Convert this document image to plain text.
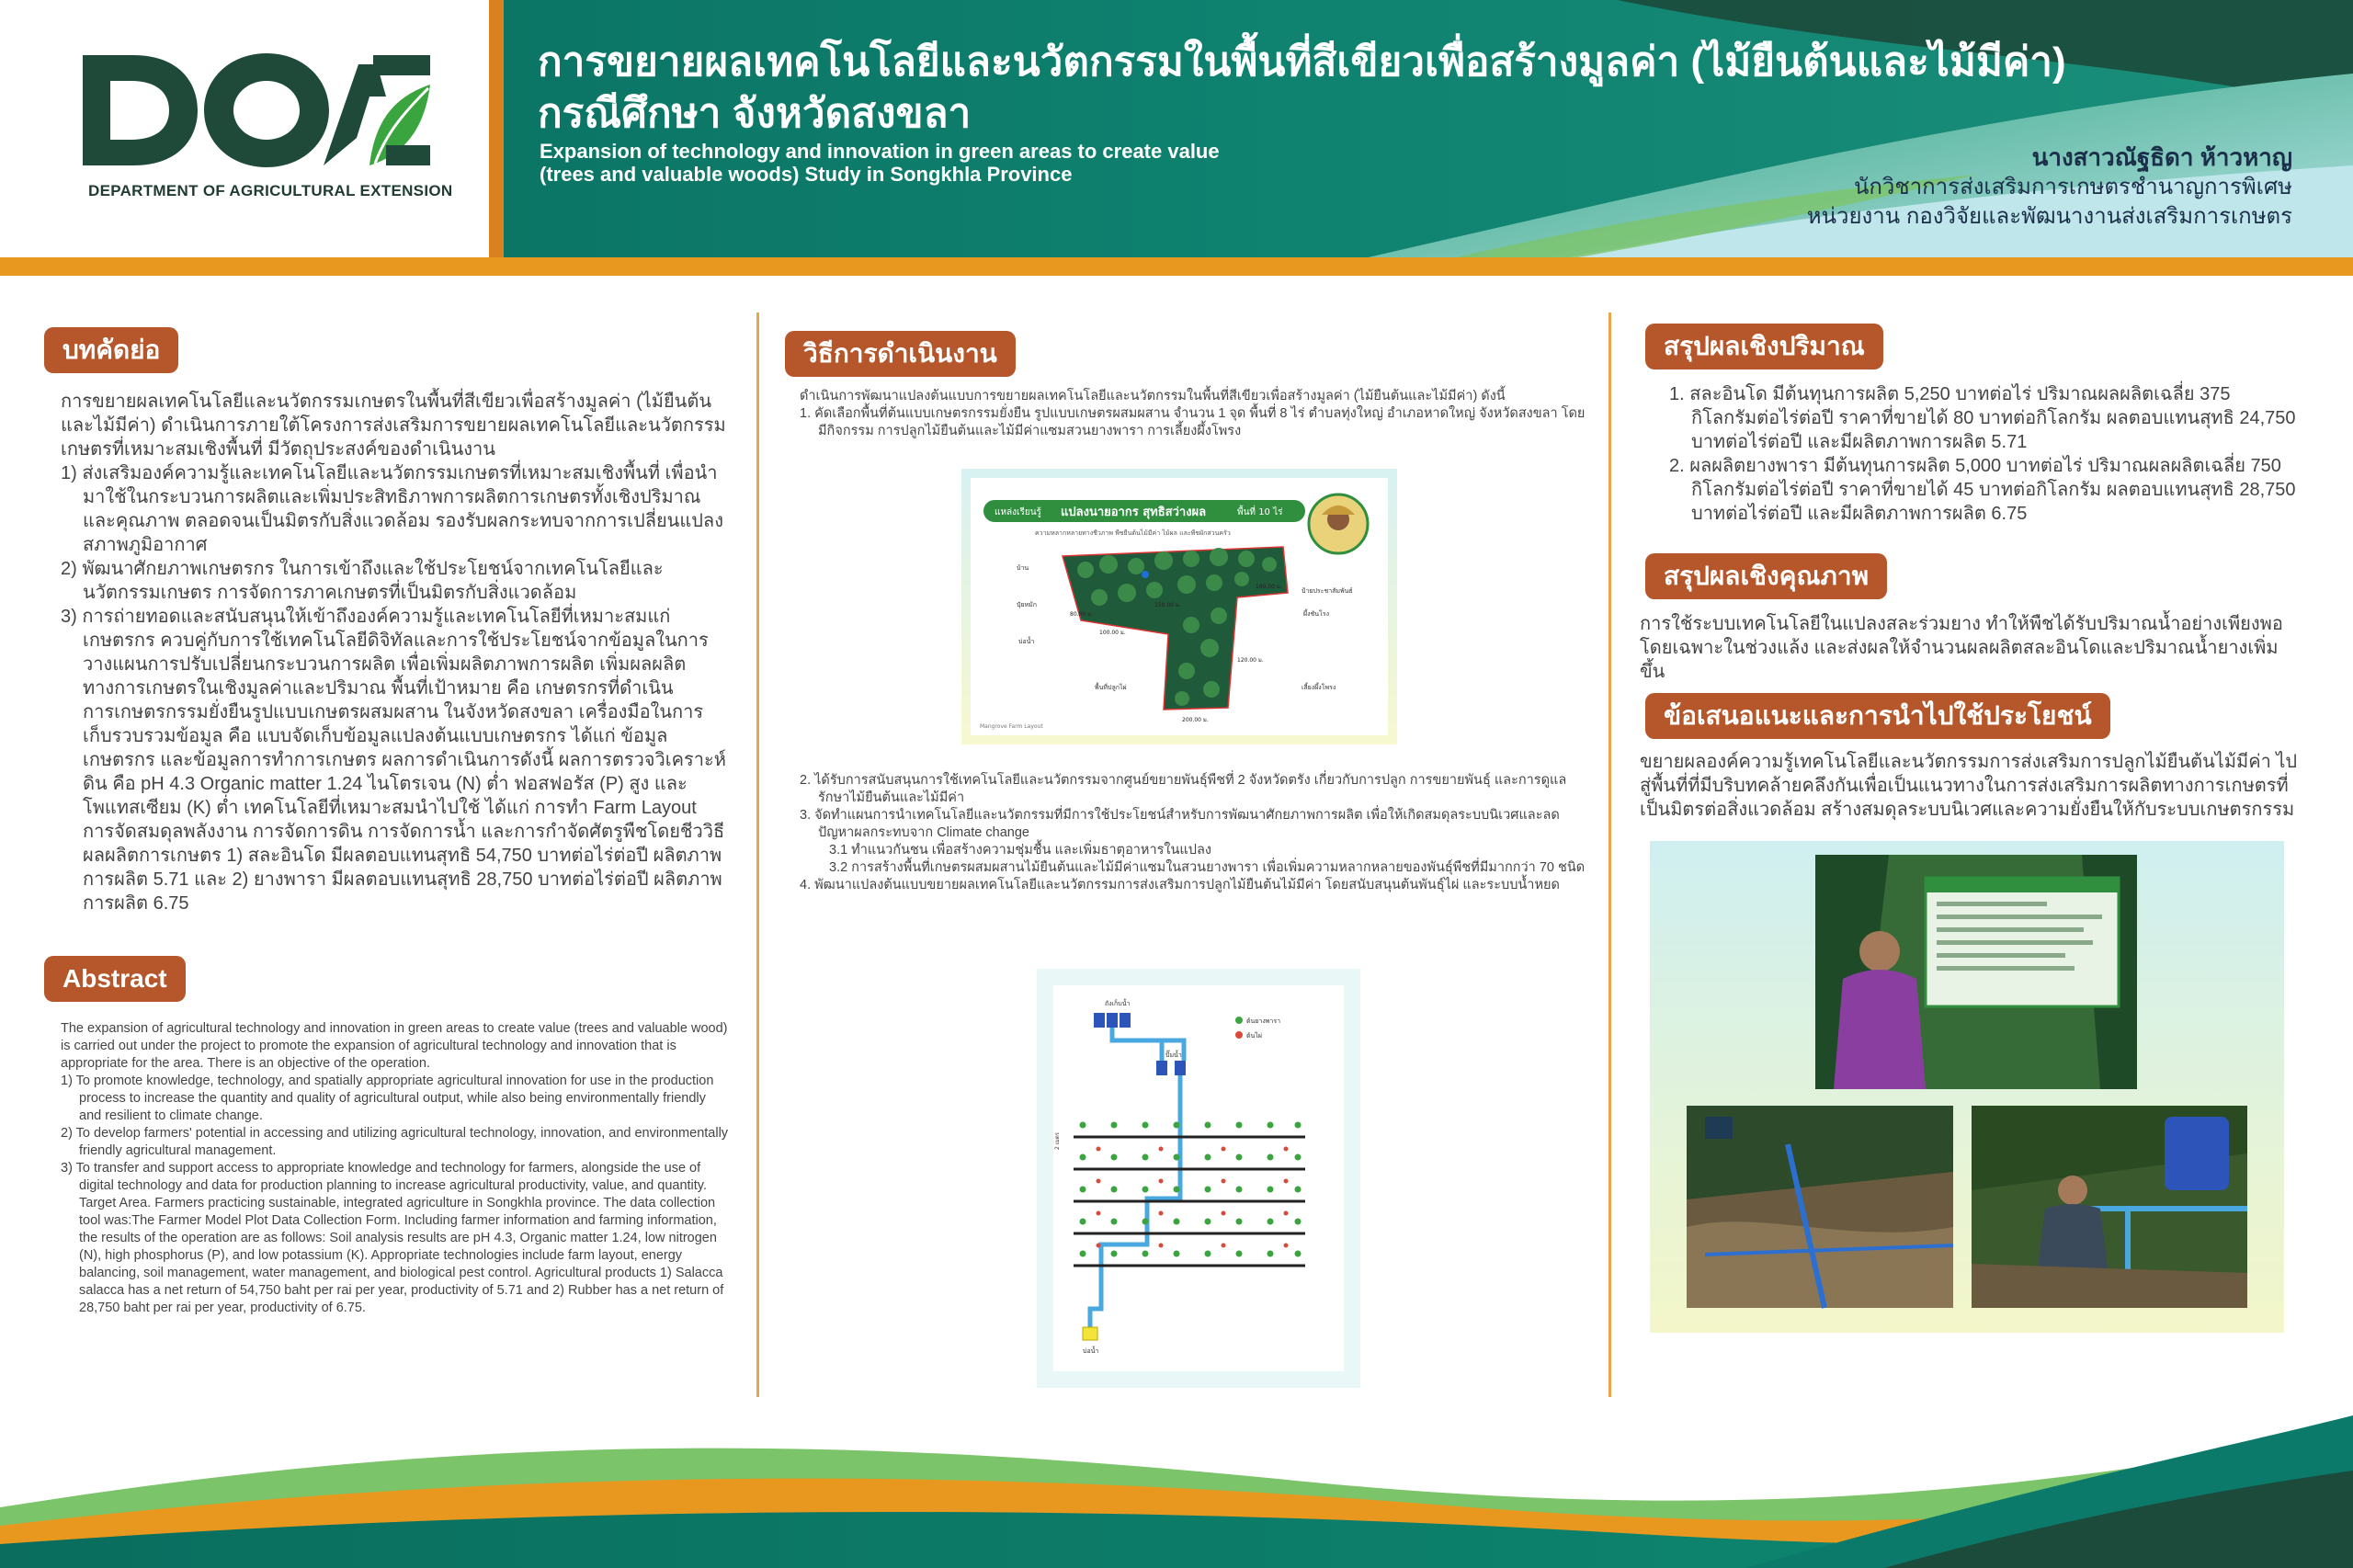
DEPARTMENT OF AGRICULTURAL EXTENSION
การขยายผลเทคโนโลยีและนวัตกรรมในพื้นที่สีเขียวเพื่อสร้างมูลค่า (ไม้ยืนต้นและไม้มีค่า)
กรณีศึกษา จังหวัดสงขลา
Expansion of technology and innovation in green areas to create value
(trees and valuable woods) Study in Songkhla Province
นางสาวณัฐธิดา ห้าวหาญ
นักวิชาการส่งเสริมการเกษตรชำนาญการพิเศษ
หน่วยงาน กองวิจัยและพัฒนางานส่งเสริมการเกษตร
บทคัดย่อ
การขยายผลเทคโนโลยีและนวัตกรรมเกษตรในพื้นที่สีเขียวเพื่อสร้างมูลค่า (ไม้ยืนต้นและไม้มีค่า) ดำเนินการภายใต้โครงการส่งเสริมการขยายผลเทคโนโลยีและนวัตกรรมเกษตรที่เหมาะสมเชิงพื้นที่ มีวัตถุประสงค์ของดำเนินงาน
1) ส่งเสริมองค์ความรู้และเทคโนโลยีและนวัตกรรมเกษตรที่เหมาะสมเชิงพื้นที่ เพื่อนำมาใช้ในกระบวนการผลิตและเพิ่มประสิทธิภาพการผลิตการเกษตรทั้งเชิงปริมาณและคุณภาพ ตลอดจนเป็นมิตรกับสิ่งแวดล้อม รองรับผลกระทบจากการเปลี่ยนแปลงสภาพภูมิอากาศ
2) พัฒนาศักยภาพเกษตรกร ในการเข้าถึงและใช้ประโยชน์จากเทคโนโลยีและนวัตกรรมเกษตร การจัดการภาคเกษตรที่เป็นมิตรกับสิ่งแวดล้อม
3) การถ่ายทอดและสนับสนุนให้เข้าถึงองค์ความรู้และเทคโนโลยีที่เหมาะสมแก่เกษตรกร ควบคู่กับการใช้เทคโนโลยีดิจิทัลและการใช้ประโยชน์จากข้อมูลในการวางแผนการปรับเปลี่ยนกระบวนการผลิต เพื่อเพิ่มผลิตภาพการผลิต เพิ่มผลผลิตทางการเกษตรในเชิงมูลค่าและปริมาณ พื้นที่เป้าหมาย คือ เกษตรกรที่ดำเนินการเกษตรกรรมยั่งยืนรูปแบบเกษตรผสมผสาน ในจังหวัดสงขลา เครื่องมือในการเก็บรวบรวมข้อมูล คือ แบบจัดเก็บข้อมูลแปลงต้นแบบเกษตรกร ได้แก่ ข้อมูลเกษตรกร และข้อมูลการทำการเกษตร ผลการดำเนินการดังนี้ ผลการตรวจวิเคราะห์ดิน คือ pH 4.3 Organic matter 1.24 ไนโตรเจน (N) ต่ำ ฟอสฟอรัส (P) สูง และโพแทสเซียม (K) ต่ำ เทคโนโลยีที่เหมาะสมนำไปใช้ ได้แก่ การทำ Farm Layout การจัดสมดุลพลังงาน การจัดการดิน การจัดการน้ำ และการกำจัดศัตรูพืชโดยชีววิธี ผลผลิตการเกษตร 1) สละอินโด มีผลตอบแทนสุทธิ 54,750 บาทต่อไร่ต่อปี ผลิตภาพการผลิต 5.71 และ 2) ยางพารา มีผลตอบแทนสุทธิ 28,750 บาทต่อไร่ต่อปี ผลิตภาพการผลิต 6.75
Abstract
The expansion of agricultural technology and innovation in green areas to create value (trees and valuable wood) is carried out under the project to promote the expansion of agricultural technology and innovation that is appropriate for the area. There is an objective of the operation.
1) To promote knowledge, technology, and spatially appropriate agricultural innovation for use in the production process to increase the quantity and quality of agricultural output, while also being environmentally friendly and resilient to climate change.
2) To develop farmers' potential in accessing and utilizing agricultural technology, innovation, and environmentally friendly agricultural management.
3) To transfer and support access to appropriate knowledge and technology for farmers, alongside the use of digital technology and data for production planning to increase agricultural productivity, value, and quantity. Target Area. Farmers practicing sustainable, integrated agriculture in Songkhla province. The data collection tool was:The Farmer Model Plot Data Collection Form. Including farmer information and farming information, the results of the operation are as follows: Soil analysis results are pH 4.3, Organic matter 1.24, low nitrogen (N), high phosphorus (P), and low potassium (K). Appropriate technologies include farm layout, energy balancing, soil management, water management, and biological pest control. Agricultural products 1) Salacca salacca has a net return of 54,750 baht per rai per year, productivity of 5.71 and 2) Rubber has a net return of 28,750 baht per rai per year, productivity of 6.75.
วิธีการดำเนินงาน
ดำเนินการพัฒนาแปลงต้นแบบการขยายผลเทคโนโลยีและนวัตกรรมในพื้นที่สีเขียวเพื่อสร้างมูลค่า (ไม้ยืนต้นและไม้มีค่า) ดังนี้
1. คัดเลือกพื้นที่ต้นแบบเกษตรกรรมยั่งยืน รูปแบบเกษตรผสมผสาน จำนวน 1 จุด พื้นที่ 8 ไร่ ตำบลทุ่งใหญ่ อำเภอหาดใหญ่ จังหวัดสงขลา โดยมีกิจกรรม การปลูกไม้ยืนต้นและไม้มีค่าแซมสวนยางพารา การเลี้ยงผึ้งโพรง
แหล่งเรียนรู้ แปลงนายอากร สุทธิสว่างผล	พื้นที่ 10 ไร่
ความหลากหลายทางชีวภาพ พืชยืนต้นไม้มีค่า ไม้ผล และพืชผักสวนครัว
บ้าน
ปุ๋ยหมัก
บ่อน้ำ
ป้ายประชาสัมพันธ์
ผึ้งชันโรง
พื้นที่ปลูกไผ่	เลี้ยงผึ้งโพรง
80.00 ม.
150.00 ม.
100.00 ม.
120.00 ม.
200.00 ม.
160.00 ม.
Mangrove Farm Layout
2. ได้รับการสนับสนุนการใช้เทคโนโลยีและนวัตกรรมจากศูนย์ขยายพันธุ์พืชที่ 2 จังหวัดตรัง เกี่ยวกับการปลูก การขยายพันธุ์ และการดูแลรักษาไม้ยืนต้นและไม้มีค่า
3. จัดทำแผนการนำเทคโนโลยีและนวัตกรรมที่มีการใช้ประโยชน์สำหรับการพัฒนาศักยภาพการผลิต เพื่อให้เกิดสมดุลระบบนิเวศและลดปัญหาผลกระทบจาก Climate change
3.1 ทำแนวกันชน เพื่อสร้างความชุ่มชื้น และเพิ่มธาตุอาหารในแปลง
3.2 การสร้างพื้นที่เกษตรผสมผสานไม้ยืนต้นและไม้มีค่าแซมในสวนยางพารา เพื่อเพิ่มความหลากหลายของพันธุ์พืชที่มีมากกว่า 70 ชนิด
4. พัฒนาแปลงต้นแบบขยายผลเทคโนโลยีและนวัตกรรมการส่งเสริมการปลูกไม้ยืนต้นไม้มีค่า โดยสนับสนุนต้นพันธุ์ไผ่ และระบบน้ำหยด
ถังเก็บน้ำ
ปั๊มน้ำ
ต้นยางพารา
ต้นไผ่
2 เมตร
บ่อน้ำ
สรุปผลเชิงปริมาณ
1. สละอินโด มีต้นทุนการผลิต 5,250 บาทต่อไร่ ปริมาณผลผลิตเฉลี่ย 375 กิโลกรัมต่อไร่ต่อปี ราคาที่ขายได้ 80 บาทต่อกิโลกรัม ผลตอบแทนสุทธิ 24,750 บาทต่อไร่ต่อปี และมีผลิตภาพการผลิต 5.71
2. ผลผลิตยางพารา มีต้นทุนการผลิต 5,000 บาทต่อไร่ ปริมาณผลผลิตเฉลี่ย 750 กิโลกรัมต่อไร่ต่อปี ราคาที่ขายได้ 45 บาทต่อกิโลกรัม ผลตอบแทนสุทธิ 28,750 บาทต่อไร่ต่อปี และมีผลิตภาพการผลิต 6.75
สรุปผลเชิงคุณภาพ
การใช้ระบบเทคโนโลยีในแปลงสละร่วมยาง ทำให้พืชได้รับปริมาณน้ำอย่างเพียงพอ โดยเฉพาะในช่วงแล้ง และส่งผลให้จำนวนผลผลิตสละอินโดและปริมาณน้ำยางเพิ่มขึ้น
ข้อเสนอแนะและการนำไปใช้ประโยชน์
ขยายผลองค์ความรู้เทคโนโลยีและนวัตกรรมการส่งเสริมการปลูกไม้ยืนต้นไม้มีค่า ไปสู่พื้นที่ที่มีบริบทคล้ายคลึงกันเพื่อเป็นแนวทางในการส่งเสริมการผลิตทางการเกษตรที่เป็นมิตรต่อสิ่งแวดล้อม สร้างสมดุลระบบนิเวศและความยั่งยืนให้กับระบบเกษตรกรรม
